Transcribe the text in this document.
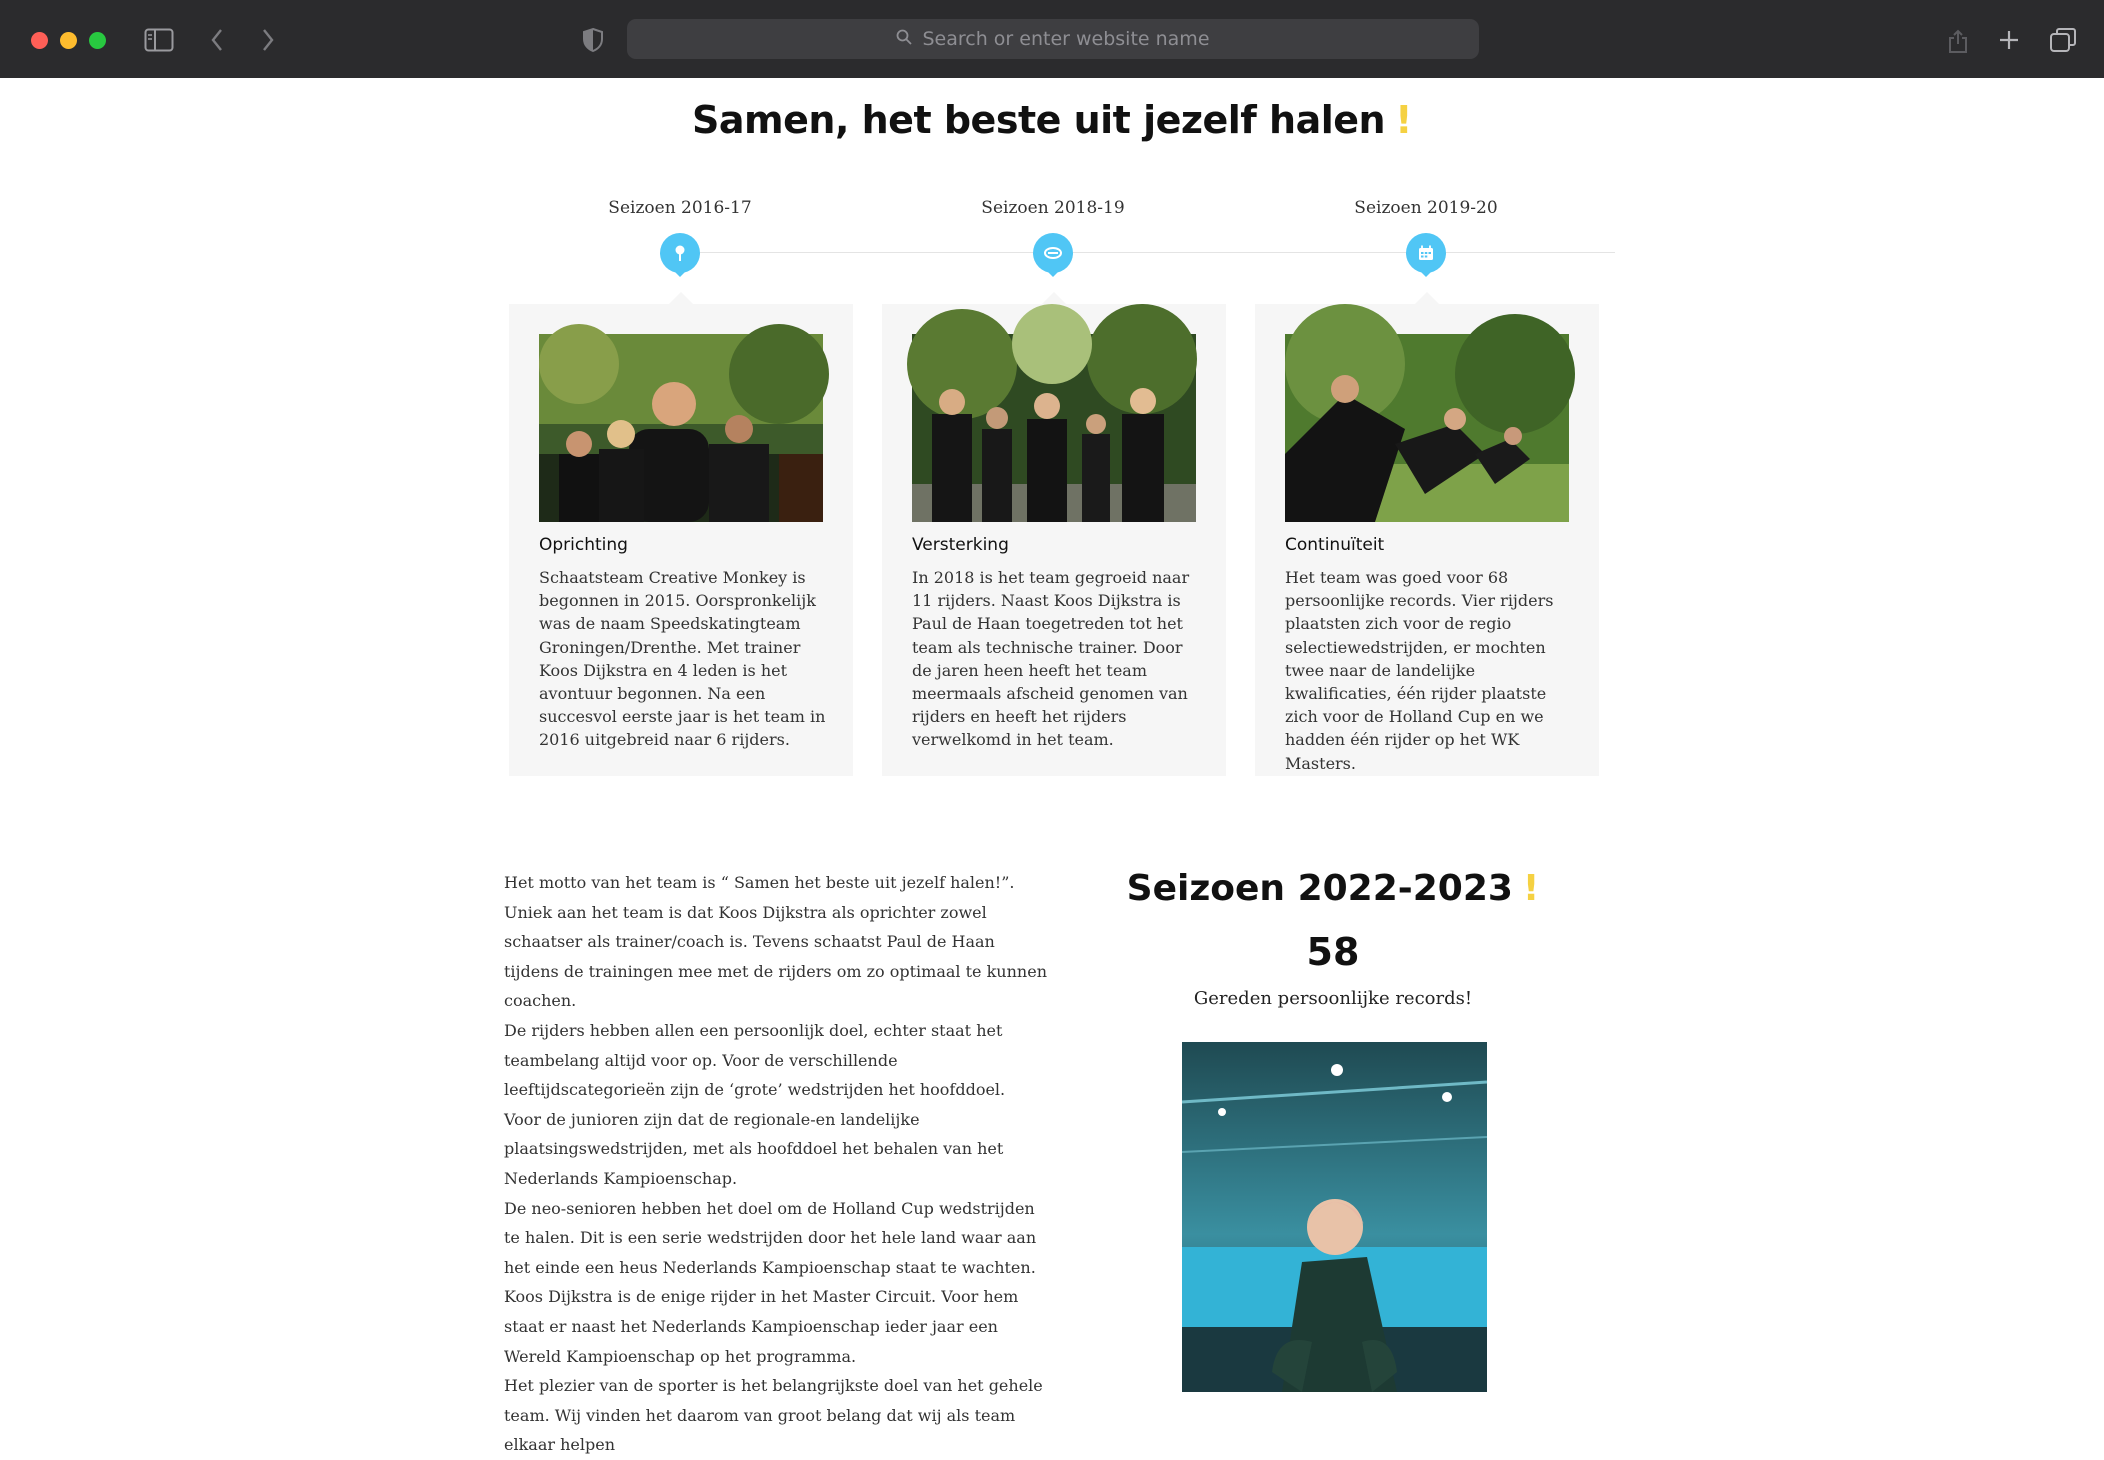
Search or enter website name
Samen, het beste uit jezelf halen !
Seizoen 2016-17
Oprichting
Schaatsteam Creative Monkey is begonnen in 2015. Oorspronkelijk was de naam Speedskatingteam Groningen/Drenthe. Met trainer Koos Dijkstra en 4 leden is het avontuur begonnen. Na een succesvol eerste jaar is het team in 2016 uitgebreid naar 6 rijders.
Seizoen 2018-19
Versterking
In 2018 is het team gegroeid naar 11 rijders. Naast Koos Dijkstra is Paul de Haan toegetreden tot het team als technische trainer. Door de jaren heen heeft het team meermaals afscheid genomen van rijders en heeft het rijders verwelkomd in het team.
Seizoen 2019-20
Continuïteit
Het team was goed voor 68 persoonlijke records. Vier rijders plaatsten zich voor de regio selectiewedstrijden, er mochten twee naar de landelijke kwalificaties, één rijder plaatste zich voor de Holland Cup en we hadden één rijder op het WK Masters.
Het motto van het team is “ Samen het beste uit jezelf halen!”. Uniek aan het team is dat Koos Dijkstra als oprichter zowel schaatser als trainer/coach is. Tevens schaatst Paul de Haan tijdens de trainingen mee met de rijders om zo optimaal te kunnen coachen.
De rijders hebben allen een persoonlijk doel, echter staat het teambelang altijd voor op. Voor de verschillende leeftijdscategorieën zijn de ‘grote’ wedstrijden het hoofddoel.
Voor de junioren zijn dat de regionale-en landelijke plaatsingswedstrijden, met als hoofddoel het behalen van het Nederlands Kampioenschap.
De neo-senioren hebben het doel om de Holland Cup wedstrijden te halen. Dit is een serie wedstrijden door het hele land waar aan het einde een heus Nederlands Kampioenschap staat te wachten.
Koos Dijkstra is de enige rijder in het Master Circuit. Voor hem staat er naast het Nederlands Kampioenschap ieder jaar een Wereld Kampioenschap op het programma.
Het plezier van de sporter is het belangrijkste doel van het gehele team. Wij vinden het daarom van groot belang dat wij als team elkaar helpen
Seizoen 2022-2023 !
58
Gereden persoonlijke records!
